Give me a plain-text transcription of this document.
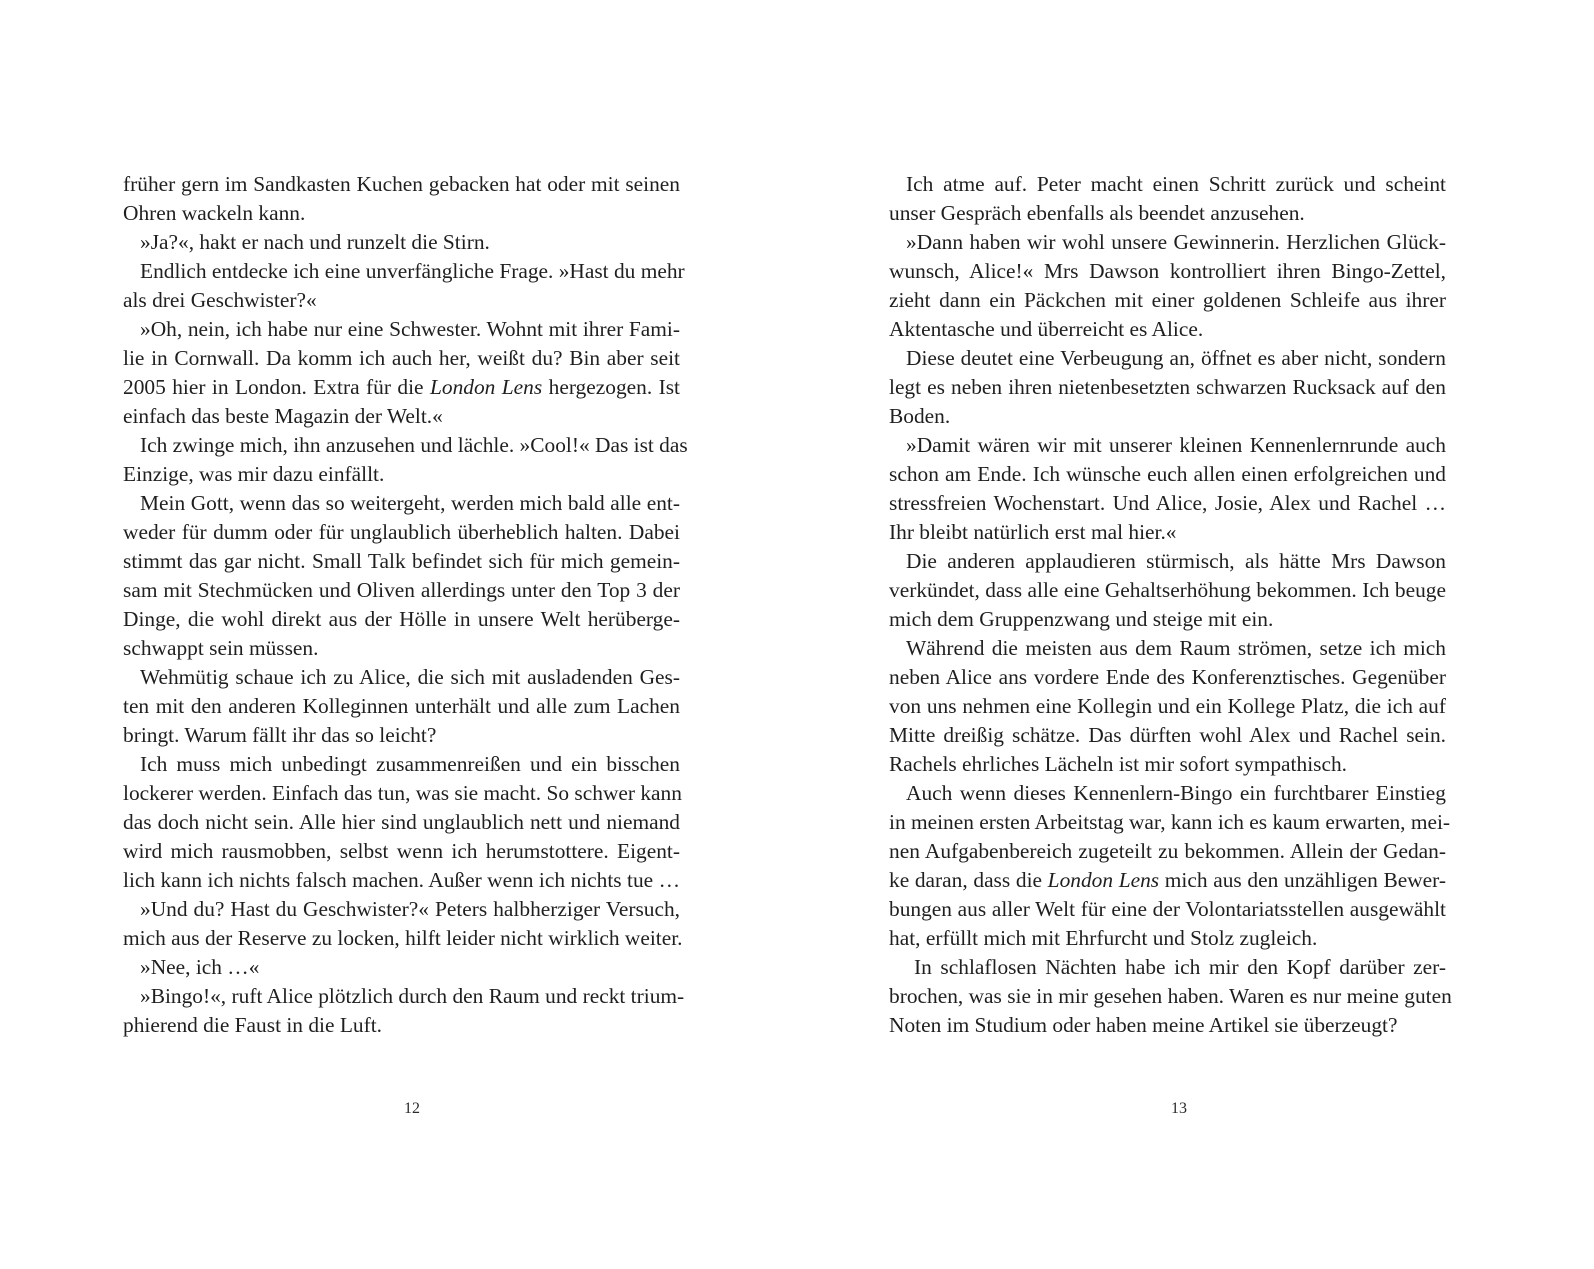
früher gern im Sandkasten Kuchen gebacken hat oder mit seinen
Ohren wackeln kann.
»Ja?«, hakt er nach und runzelt die Stirn.
Endlich entdecke ich eine unverfängliche Frage. »Hast du mehr
als drei Geschwister?«
»Oh, nein, ich habe nur eine Schwester. Wohnt mit ihrer Fami-
lie in Cornwall. Da komm ich auch her, weißt du? Bin aber seit
2005 hier in London. Extra für die London Lens hergezogen. Ist
einfach das beste Magazin der Welt.«
Ich zwinge mich, ihn anzusehen und lächle. »Cool!« Das ist das
Einzige, was mir dazu einfällt.
Mein Gott, wenn das so weitergeht, werden mich bald alle ent-
weder für dumm oder für unglaublich überheblich halten. Dabei
stimmt das gar nicht. Small Talk befindet sich für mich gemein-
sam mit Stechmücken und Oliven allerdings unter den Top 3 der
Dinge, die wohl direkt aus der Hölle in unsere Welt herüberge-
schwappt sein müssen.
Wehmütig schaue ich zu Alice, die sich mit ausladenden Ges-
ten mit den anderen Kolleginnen unterhält und alle zum Lachen
bringt. Warum fällt ihr das so leicht?
Ich muss mich unbedingt zusammenreißen und ein bisschen
lockerer werden. Einfach das tun, was sie macht. So schwer kann
das doch nicht sein. Alle hier sind unglaublich nett und niemand
wird mich rausmobben, selbst wenn ich herumstottere. Eigent-
lich kann ich nichts falsch machen. Außer wenn ich nichts tue …
»Und du? Hast du Geschwister?« Peters halbherziger Versuch,
mich aus der Reserve zu locken, hilft leider nicht wirklich weiter.
»Nee, ich …«
»Bingo!«, ruft Alice plötzlich durch den Raum und reckt trium-
phierend die Faust in die Luft.
12
Ich atme auf. Peter macht einen Schritt zurück und scheint
unser Gespräch ebenfalls als beendet anzusehen.
»Dann haben wir wohl unsere Gewinnerin. Herzlichen Glück-
wunsch, Alice!« Mrs Dawson kontrolliert ihren Bingo-Zettel,
zieht dann ein Päckchen mit einer goldenen Schleife aus ihrer
Aktentasche und überreicht es Alice.
Diese deutet eine Verbeugung an, öffnet es aber nicht, sondern
legt es neben ihren nietenbesetzten schwarzen Rucksack auf den
Boden.
»Damit wären wir mit unserer kleinen Kennenlernrunde auch
schon am Ende. Ich wünsche euch allen einen erfolgreichen und
stressfreien Wochenstart. Und Alice, Josie, Alex und Rachel …
Ihr bleibt natürlich erst mal hier.«
Die anderen applaudieren stürmisch, als hätte Mrs Dawson
verkündet, dass alle eine Gehaltserhöhung bekommen. Ich beuge
mich dem Gruppenzwang und steige mit ein.
Während die meisten aus dem Raum strömen, setze ich mich
neben Alice ans vordere Ende des Konferenztisches. Gegenüber
von uns nehmen eine Kollegin und ein Kollege Platz, die ich auf
Mitte dreißig schätze. Das dürften wohl Alex und Rachel sein.
Rachels ehrliches Lächeln ist mir sofort sympathisch.
Auch wenn dieses Kennenlern-Bingo ein furchtbarer Einstieg
in meinen ersten Arbeitstag war, kann ich es kaum erwarten, mei-
nen Aufgabenbereich zugeteilt zu bekommen. Allein der Gedan-
ke daran, dass die London Lens mich aus den unzähligen Bewer-
bungen aus aller Welt für eine der Volontariatsstellen ausgewählt
hat, erfüllt mich mit Ehrfurcht und Stolz zugleich.
In schlaflosen Nächten habe ich mir den Kopf darüber zer-
brochen, was sie in mir gesehen haben. Waren es nur meine guten
Noten im Studium oder haben meine Artikel sie überzeugt?
13
